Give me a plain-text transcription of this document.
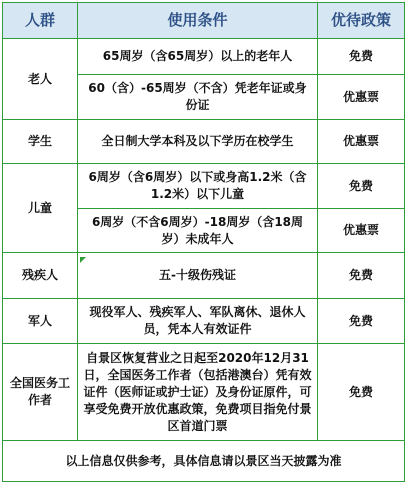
人群	使用条件	优待政策
老人	65周岁（含65周岁）以上的老年人	免费
	60（含）-65周岁（不含）凭老年证或身份证	优惠票
学生	全日制大学本科及以下学历在校学生	优惠票
儿童	6周岁（含6周岁）以下或身高1.2米（含1.2米）以下儿童	免费
	6周岁（不含6周岁）-18周岁（含18周岁）未成年人	优惠票
残疾人	五-十级伤残证	免费
军人	现役军人、残疾军人、军队离休、退休人员，凭本人有效证件	免费
全国医务工作者	自景区恢复营业之日起至2020年12月31日，全国医务工作者（包括港澳台）凭有效证件（医师证或护士证）及身份证原件，可享受免费开放优惠政策，免费项目指免付景区首道门票	免费
以上信息仅供参考，具体信息请以景区当天披露为准		
